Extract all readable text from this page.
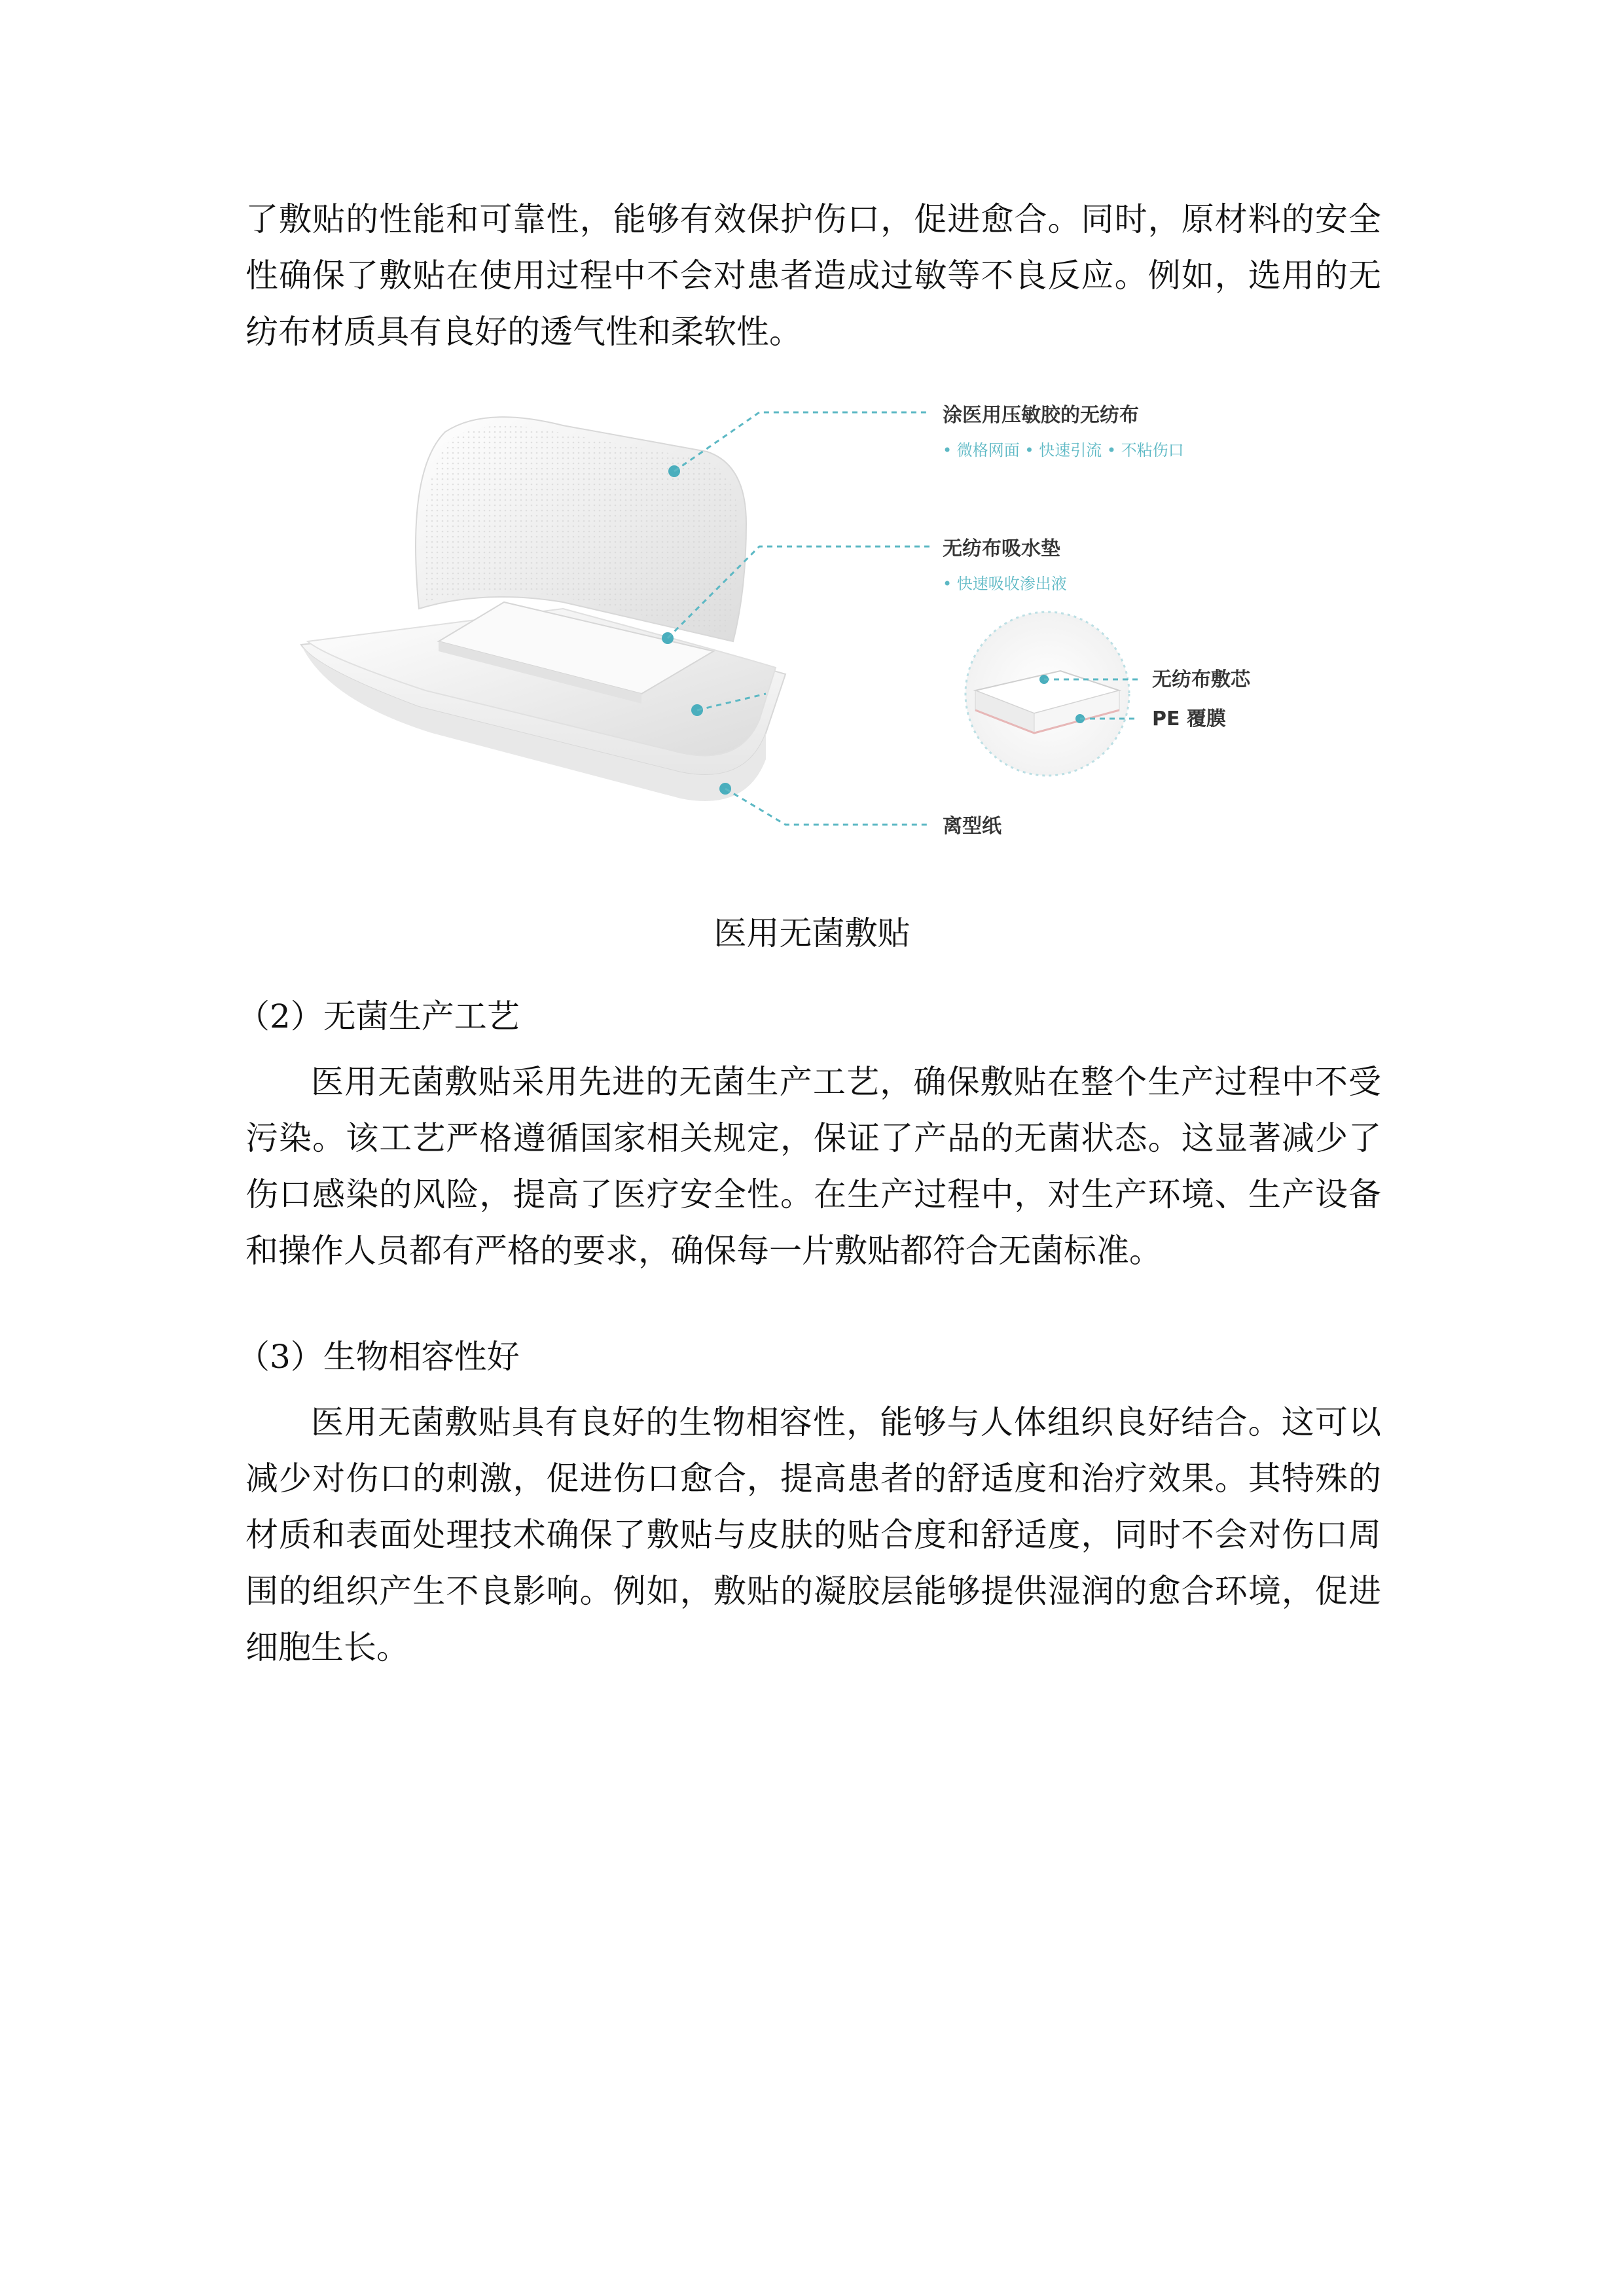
了敷贴的性能和可靠性，能够有效保护伤口，促进愈合。同时，原材料的安全性确保了敷贴在使用过程中不会对患者造成过敏等不良反应。例如，选用的无纺布材质具有良好的透气性和柔软性。

涂医用压敏胶的无纺布
• 微格网面 • 快速引流 • 不粘伤口
无纺布吸水垫
• 快速吸收渗出液
无纺布敷芯
PE 覆膜
离型纸
医用无菌敷贴

（2）无菌生产工艺

医用无菌敷贴采用先进的无菌生产工艺，确保敷贴在整个生产过程中不受污染。该工艺严格遵循国家相关规定，保证了产品的无菌状态。这显著减少了伤口感染的风险，提高了医疗安全性。在生产过程中，对生产环境、生产设备和操作人员都有严格的要求，确保每一片敷贴都符合无菌标准。

（3）生物相容性好

医用无菌敷贴具有良好的生物相容性，能够与人体组织良好结合。这可以减少对伤口的刺激，促进伤口愈合，提高患者的舒适度和治疗效果。其特殊的材质和表面处理技术确保了敷贴与皮肤的贴合度和舒适度，同时不会对伤口周围的组织产生不良影响。例如，敷贴的凝胶层能够提供湿润的愈合环境，促进细胞生长。
